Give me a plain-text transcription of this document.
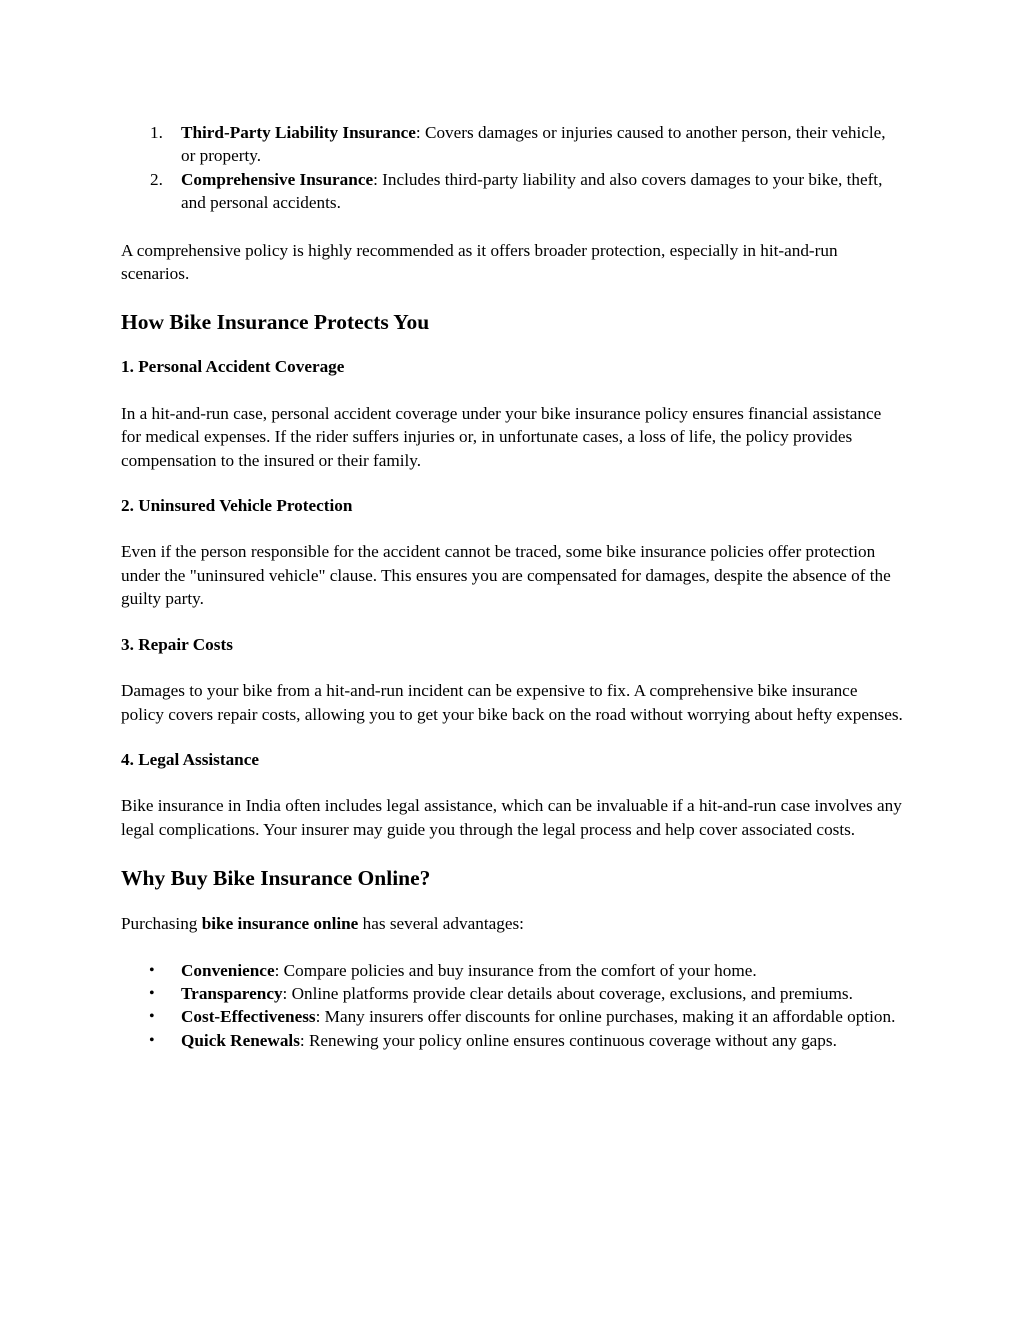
1. Third-Party Liability Insurance: Covers damages or injuries caused to another person, their vehicle, or property.
2. Comprehensive Insurance: Includes third-party liability and also covers damages to your bike, theft, and personal accidents.

A comprehensive policy is highly recommended as it offers broader protection, especially in hit-and-run scenarios.

How Bike Insurance Protects You
1. Personal Accident Coverage

In a hit-and-run case, personal accident coverage under your bike insurance policy ensures financial assistance for medical expenses. If the rider suffers injuries or, in unfortunate cases, a loss of life, the policy provides compensation to the insured or their family.

2. Uninsured Vehicle Protection

Even if the person responsible for the accident cannot be traced, some bike insurance policies offer protection under the "uninsured vehicle" clause. This ensures you are compensated for damages, despite the absence of the guilty party.

3. Repair Costs

Damages to your bike from a hit-and-run incident can be expensive to fix. A comprehensive bike insurance policy covers repair costs, allowing you to get your bike back on the road without worrying about hefty expenses.

4. Legal Assistance

Bike insurance in India often includes legal assistance, which can be invaluable if a hit-and-run case involves any legal complications. Your insurer may guide you through the legal process and help cover associated costs.

Why Buy Bike Insurance Online?

Purchasing bike insurance online has several advantages:

• Convenience: Compare policies and buy insurance from the comfort of your home.
• Transparency: Online platforms provide clear details about coverage, exclusions, and premiums.
• Cost-Effectiveness: Many insurers offer discounts for online purchases, making it an affordable option.
• Quick Renewals: Renewing your policy online ensures continuous coverage without any gaps.
